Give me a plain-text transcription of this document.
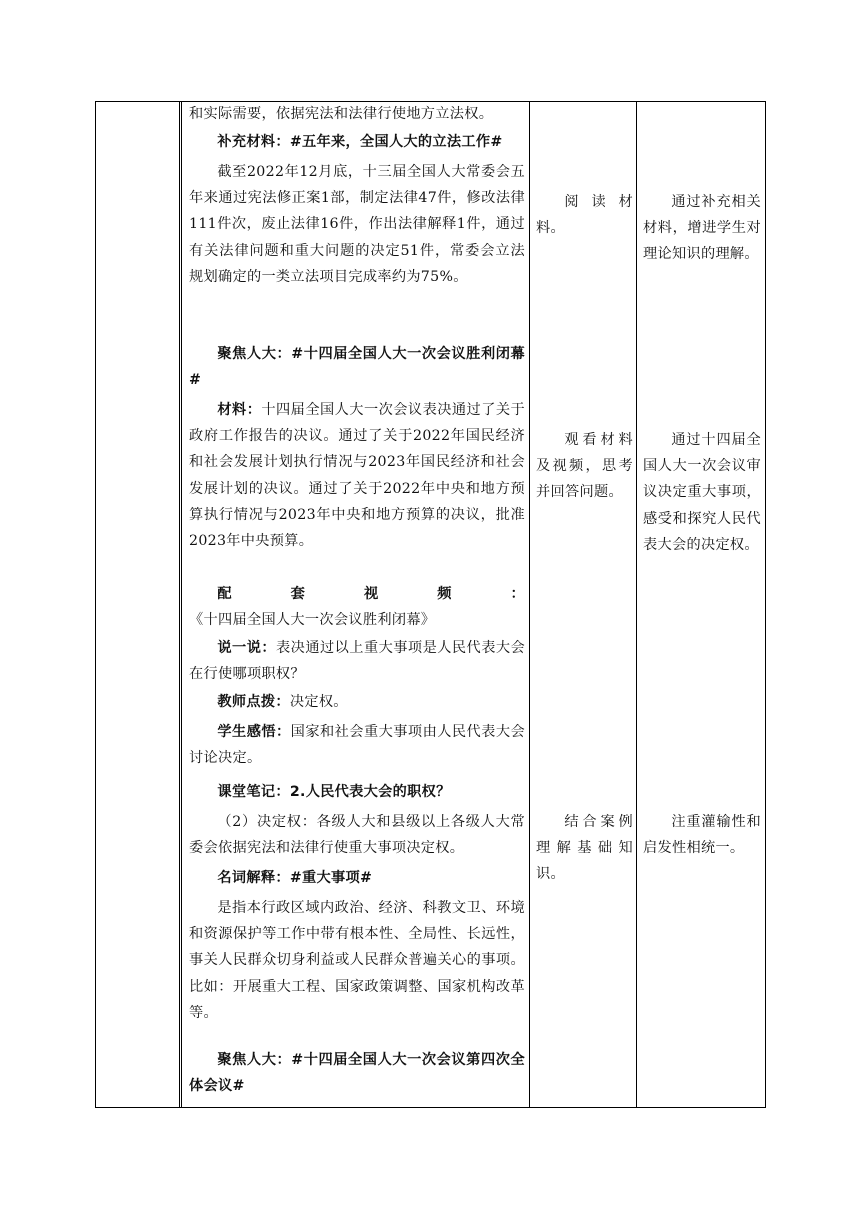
和实际需要，依据宪法和法律行使地方立法权。
补充材料：#五年来，全国人大的立法工作#
截至2022年12月底，十三届全国人大常委会五年来通过宪法修正案1部，制定法律47件，修改法律111件次，废止法律16件，作出法律解释1件，通过有关法律问题和重大问题的决定51件，常委会立法规划确定的一类立法项目完成率约为75%。
聚焦人大：#十四届全国人大一次会议胜利闭幕#
材料：十四届全国人大一次会议表决通过了关于政府工作报告的决议。通过了关于2022年国民经济和社会发展计划执行情况与2023年国民经济和社会发展计划的决议。通过了关于2022年中央和地方预算执行情况与2023年中央和地方预算的决议，批准2023年中央预算。
配套视频：《十四届全国人大一次会议胜利闭幕》
说一说：表决通过以上重大事项是人民代表大会在行使哪项职权？
教师点拨：决定权。
学生感悟：国家和社会重大事项由人民代表大会讨论决定。
课堂笔记：2.人民代表大会的职权？
（2）决定权：各级人大和县级以上各级人大常委会依据宪法和法律行使重大事项决定权。
名词解释：#重大事项#
是指本行政区域内政治、经济、科教文卫、环境和资源保护等工作中带有根本性、全局性、长远性，事关人民群众切身利益或人民群众普遍关心的事项。比如：开展重大工程、国家政策调整、国家机构改革等。
聚焦人大：#十四届全国人大一次会议第四次全体会议#
阅读材料。
观看材料及视频，思考并回答问题。
结合案例理解基础知识。
通过补充相关材料，增进学生对理论知识的理解。
通过十四届全国人大一次会议审议决定重大事项，感受和探究人民代表大会的决定权。
注重灌输性和启发性相统一。
